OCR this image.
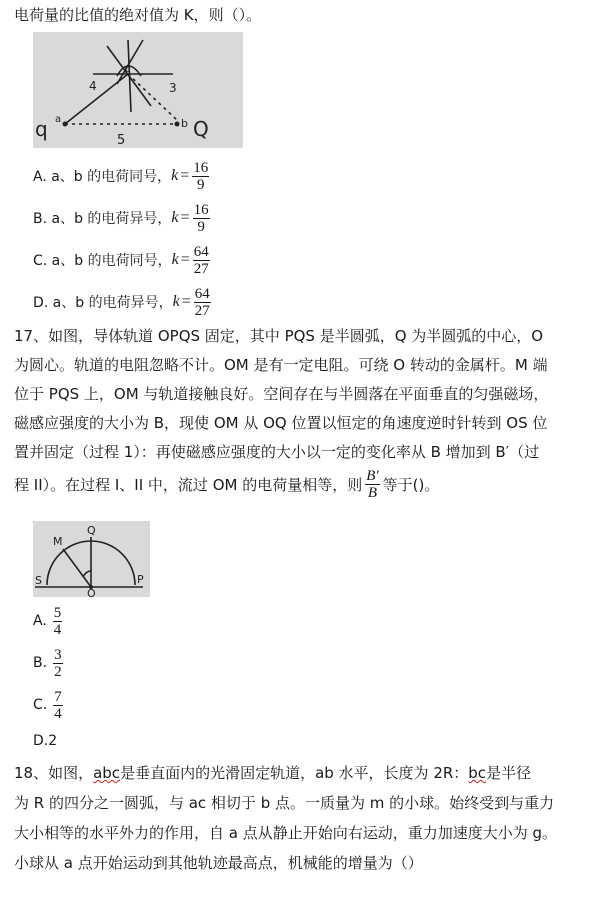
电荷量的比值的绝对值为 K，则（）。
q a	b Q
5
4	3
c
A. a、b 的电荷同号， $k = \frac{16}{9}$
B. a、b 的电荷异号， $k = \frac{16}{9}$
C. a、b 的电荷同号， $k = \frac{64}{27}$
D. a、b 的电荷异号， $k = \frac{64}{27}$
17、如图，导体轨道 OPQS 固定，其中 PQS 是半圆弧，Q 为半圆弧的中心，O
为圆心。轨道的电阻忽略不计。OM 是有一定电阻。可绕 O 转动的金属杆。M 端
位于 PQS 上，OM 与轨道接触良好。空间存在与半圆落在平面垂直的匀强磁场，
磁感应强度的大小为 B，现使 OM 从 OQ 位置以恒定的角速度逆时针转到 OS 位
置并固定（过程 1）：再使磁感应强度的大小以一定的变化率从 B 增加到 B′（过
程 II）。在过程 I、II 中，流过 OM 的电荷量相等，则 $\frac{B'}{B}$ 等于()。
M
Q
S
O
P
A. $\frac{5}{4}$
B. $\frac{3}{2}$
C. $\frac{7}{4}$
D.2
18、如图，abc是垂直面内的光滑固定轨道，ab 水平，长度为 2R：bc是半径
为 R 的四分之一圆弧，与 ac 相切于 b 点。一质量为 m 的小球。始终受到与重力
大小相等的水平外力的作用，自 a 点从静止开始向右运动，重力加速度大小为 g。
小球从 a 点开始运动到其他轨迹最高点，机械能的增量为（）
